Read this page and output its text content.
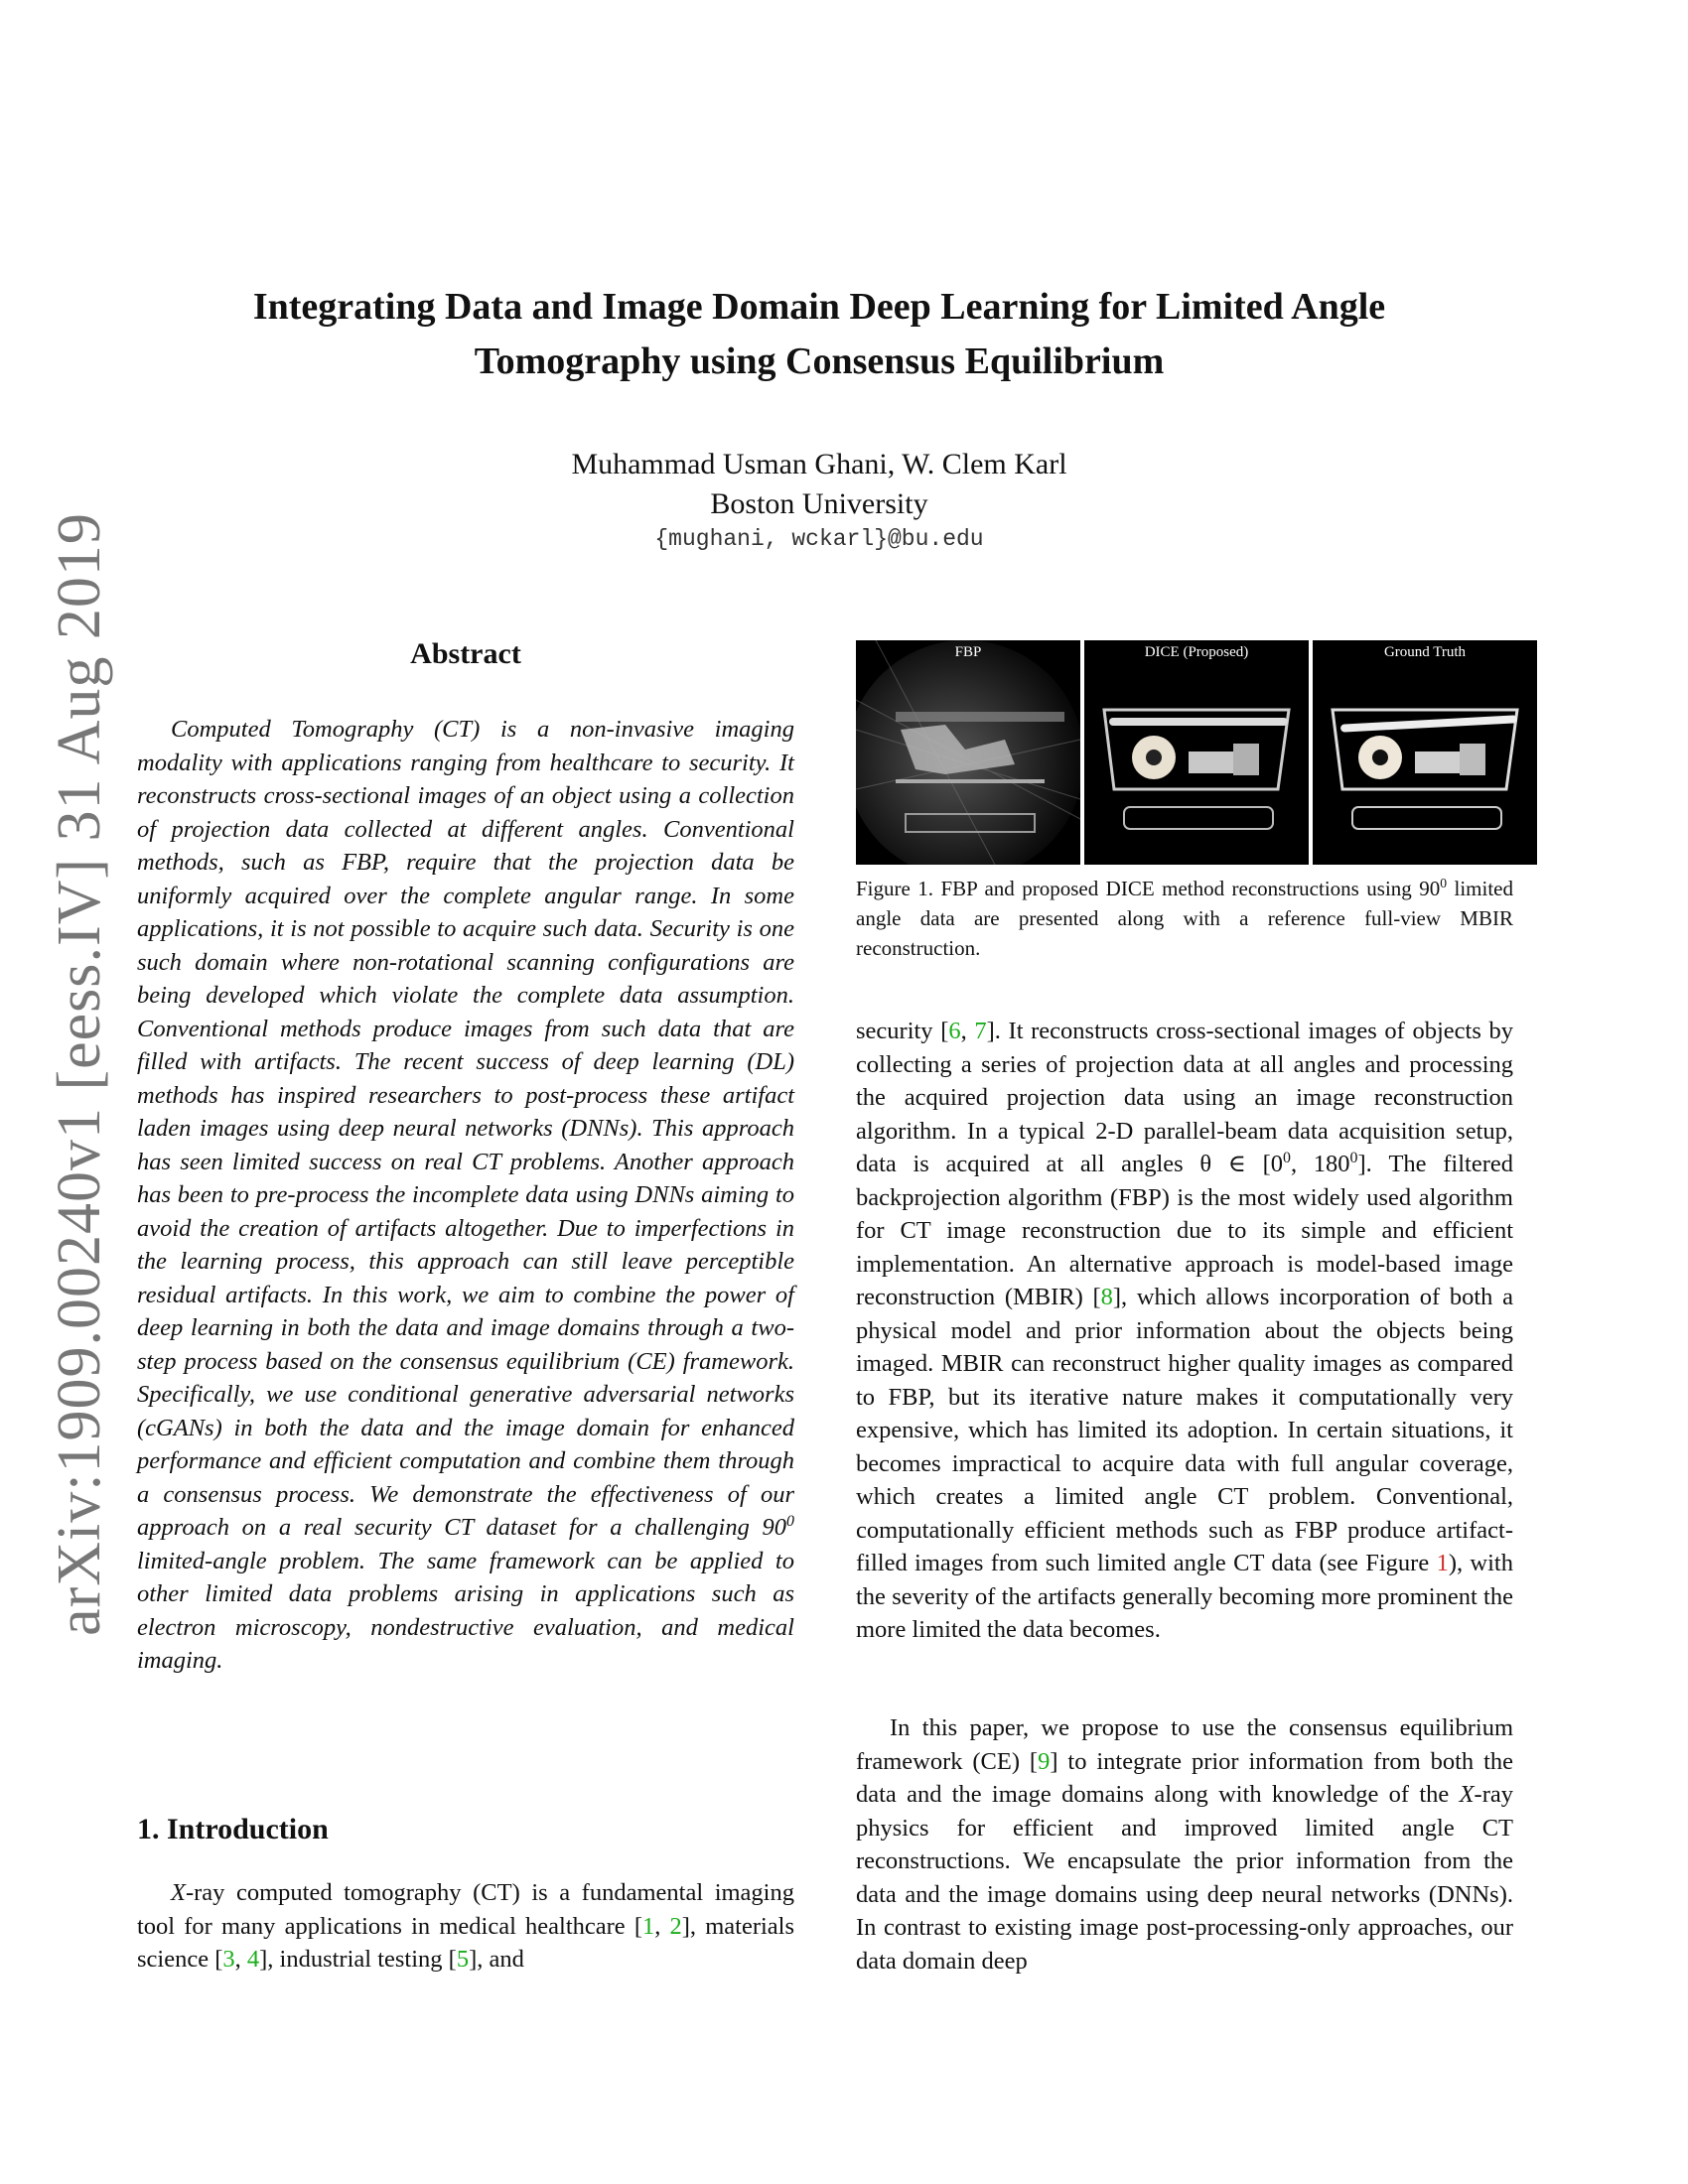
arXiv:1909.00240v1 [eess.IV] 31 Aug 2019
Integrating Data and Image Domain Deep Learning for Limited Angle
Tomography using Consensus Equilibrium
Muhammad Usman Ghani, W. Clem Karl
Boston University
{mughani, wckarl}@bu.edu
Abstract

Computed Tomography (CT) is a non-invasive imaging modality with applications ranging from healthcare to security. It reconstructs cross-sectional images of an object using a collection of projection data collected at different angles. Conventional methods, such as FBP, require that the projection data be uniformly acquired over the complete angular range. In some applications, it is not possible to acquire such data. Security is one such domain where non-rotational scanning configurations are being developed which violate the complete data assumption. Conventional methods produce images from such data that are filled with artifacts. The recent success of deep learning (DL) methods has inspired researchers to post-process these artifact laden images using deep neural networks (DNNs). This approach has seen limited success on real CT problems. Another approach has been to pre-process the incomplete data using DNNs aiming to avoid the creation of artifacts altogether. Due to imperfections in the learning process, this approach can still leave perceptible residual artifacts. In this work, we aim to combine the power of deep learning in both the data and image domains through a two-step process based on the consensus equilibrium (CE) framework. Specifically, we use conditional generative adversarial networks (cGANs) in both the data and the image domain for enhanced performance and efficient computation and combine them through a consensus process. We demonstrate the effectiveness of our approach on a real security CT dataset for a challenging $90^0$ limited-angle problem. The same framework can be applied to other limited data problems arising in applications such as electron microscopy, nondestructive evaluation, and medical imaging.

1. Introduction

X-ray computed tomography (CT) is a fundamental imaging tool for many applications in medical healthcare [1, 2], materials science [3, 4], industrial testing [5], and

FBP	DICE (Proposed)	Ground Truth
Figure 1. FBP and proposed DICE method reconstructions using $90^0$ limited angle data are presented along with a reference full-view MBIR reconstruction.

security [6, 7]. It reconstructs cross-sectional images of objects by collecting a series of projection data at all angles and processing the acquired projection data using an image reconstruction algorithm. In a typical 2-D parallel-beam data acquisition setup, data is acquired at all angles θ ∈ [$0^0$, $180^0$]. The filtered backprojection algorithm (FBP) is the most widely used algorithm for CT image reconstruction due to its simple and efficient implementation. An alternative approach is model-based image reconstruction (MBIR) [8], which allows incorporation of both a physical model and prior information about the objects being imaged. MBIR can reconstruct higher quality images as compared to FBP, but its iterative nature makes it computationally very expensive, which has limited its adoption. In certain situations, it becomes impractical to acquire data with full angular coverage, which creates a limited angle CT problem. Conventional, computationally efficient methods such as FBP produce artifact-filled images from such limited angle CT data (see Figure 1), with the severity of the artifacts generally becoming more prominent the more limited the data becomes.

In this paper, we propose to use the consensus equilibrium framework (CE) [9] to integrate prior information from both the data and the image domains along with knowledge of the X-ray physics for efficient and improved limited angle CT reconstructions. We encapsulate the prior information from the data and the image domains using deep neural networks (DNNs). In contrast to existing image post-processing-only approaches, our data domain deep
